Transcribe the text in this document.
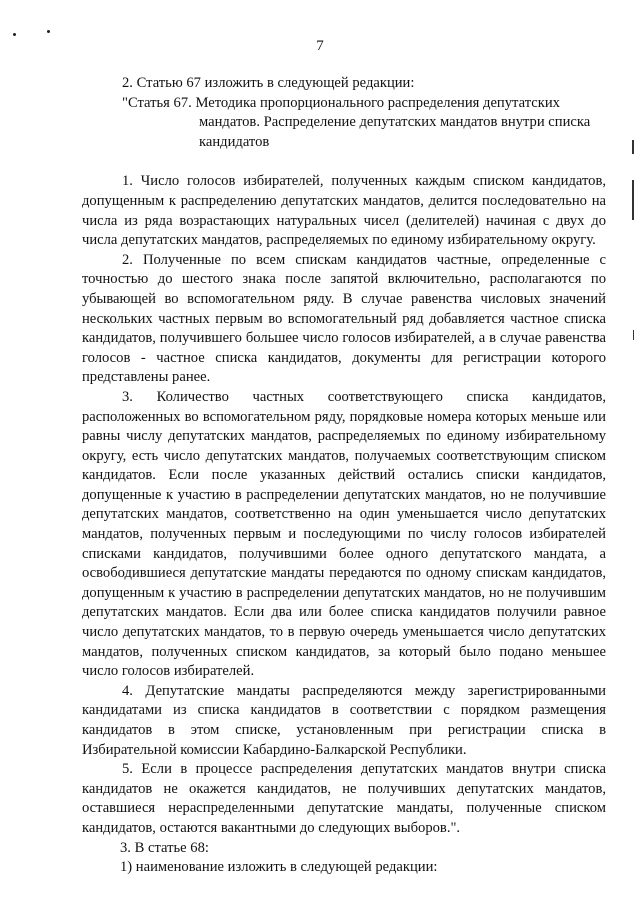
7

2. Статью 67 изложить в следующей редакции:

"Статья 67. Методика пропорционального распределения депутатских
мандатов. Распределение депутатских мандатов внутри списка кандидатов

1. Число голосов избирателей, полученных каждым списком кандидатов, допущенным к распределению депутатских мандатов, делится последовательно на числа из ряда возрастающих натуральных чисел (делителей) начиная с двух до числа депутатских мандатов, распределяемых по единому избирательному округу.

2. Полученные по всем спискам кандидатов частные, определенные с точностью до шестого знака после запятой включительно, располагаются по убывающей во вспомогательном ряду. В случае равенства числовых значений нескольких частных первым во вспомогательный ряд добавляется частное списка кандидатов, получившего большее число голосов избирателей, а в случае равенства голосов - частное списка кандидатов, документы для регистрации которого представлены ранее.

3. Количество частных соответствующего списка кандидатов, расположенных во вспомогательном ряду, порядковые номера которых меньше или равны числу депутатских мандатов, распределяемых по единому избирательному округу, есть число депутатских мандатов, получаемых соответствующим списком кандидатов. Если после указанных действий остались списки кандидатов, допущенные к участию в распределении депутатских мандатов, но не получившие депутатских мандатов, соответственно на один уменьшается число депутатских мандатов, полученных первым и последующими по числу голосов избирателей списками кандидатов, получившими более одного депутатского мандата, а освободившиеся депутатские мандаты передаются по одному спискам кандидатов, допущенным к участию в распределении депутатских мандатов, но не получившим депутатских мандатов. Если два или более списка кандидатов получили равное число депутатских мандатов, то в первую очередь уменьшается число депутатских мандатов, полученных списком кандидатов, за который было подано меньшее число голосов избирателей.

4. Депутатские мандаты распределяются между зарегистрированными кандидатами из списка кандидатов в соответствии с порядком размещения кандидатов в этом списке, установленным при регистрации списка в Избирательной комиссии Кабардино-Балкарской Республики.

5. Если в процессе распределения депутатских мандатов внутри списка кандидатов не окажется кандидатов, не получивших депутатских мандатов, оставшиеся нераспределенными депутатские мандаты, полученные списком кандидатов, остаются вакантными до следующих выборов.".

3. В статье 68:

1) наименование изложить в следующей редакции:
